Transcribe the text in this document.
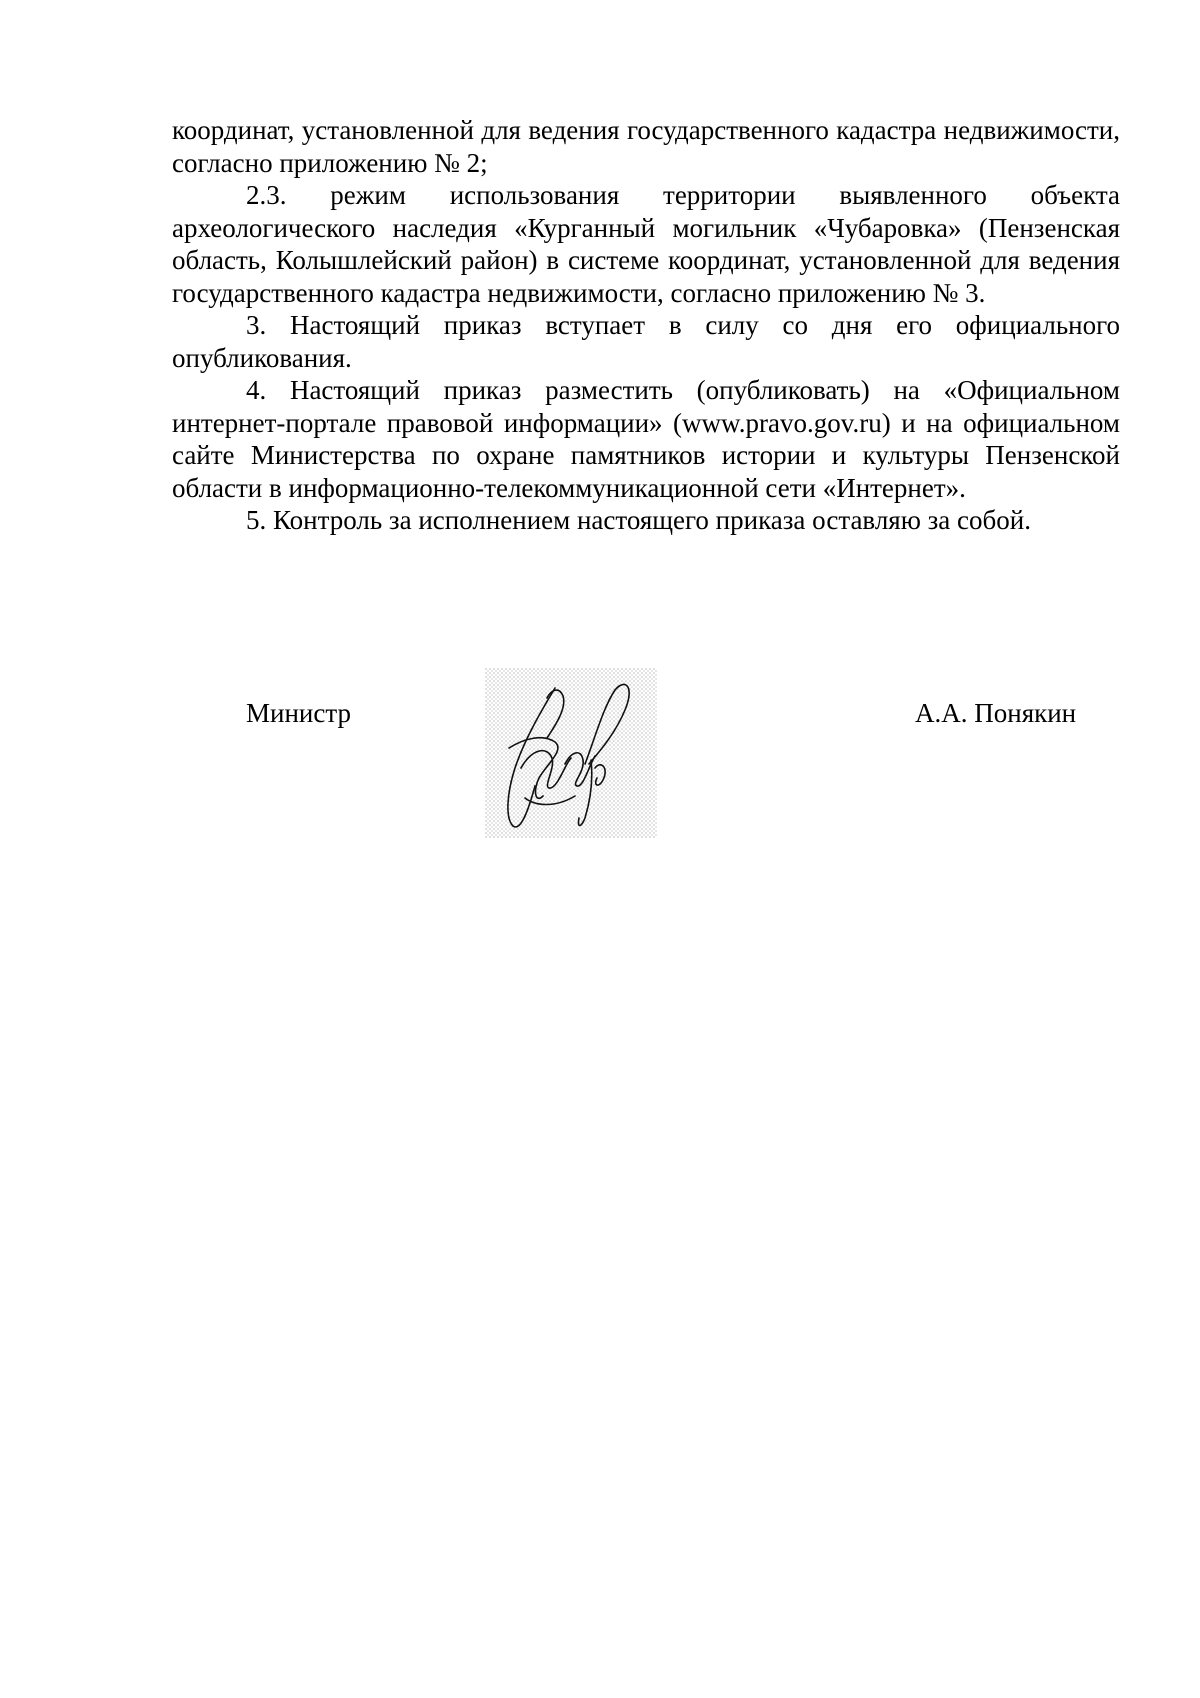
координат, установленной для ведения государственного кадастра недвижимости, согласно приложению № 2;

2.3. режим использования территории выявленного объекта археологического наследия «Курганный могильник «Чубаровка» (Пензенская область, Колышлейский район) в системе координат, установленной для ведения государственного кадастра недвижимости, согласно приложению № 3.

3. Настоящий приказ вступает в силу со дня его официального опубликования.

4. Настоящий приказ разместить (опубликовать) на «Официальном интернет-портале правовой информации» (www.pravo.gov.ru) и на официальном сайте Министерства по охране памятников истории и культуры Пензенской области в информационно-телекоммуникационной сети «Интернет».

5. Контроль за исполнением настоящего приказа оставляю за собой.

Министр	А.А. Понякин
